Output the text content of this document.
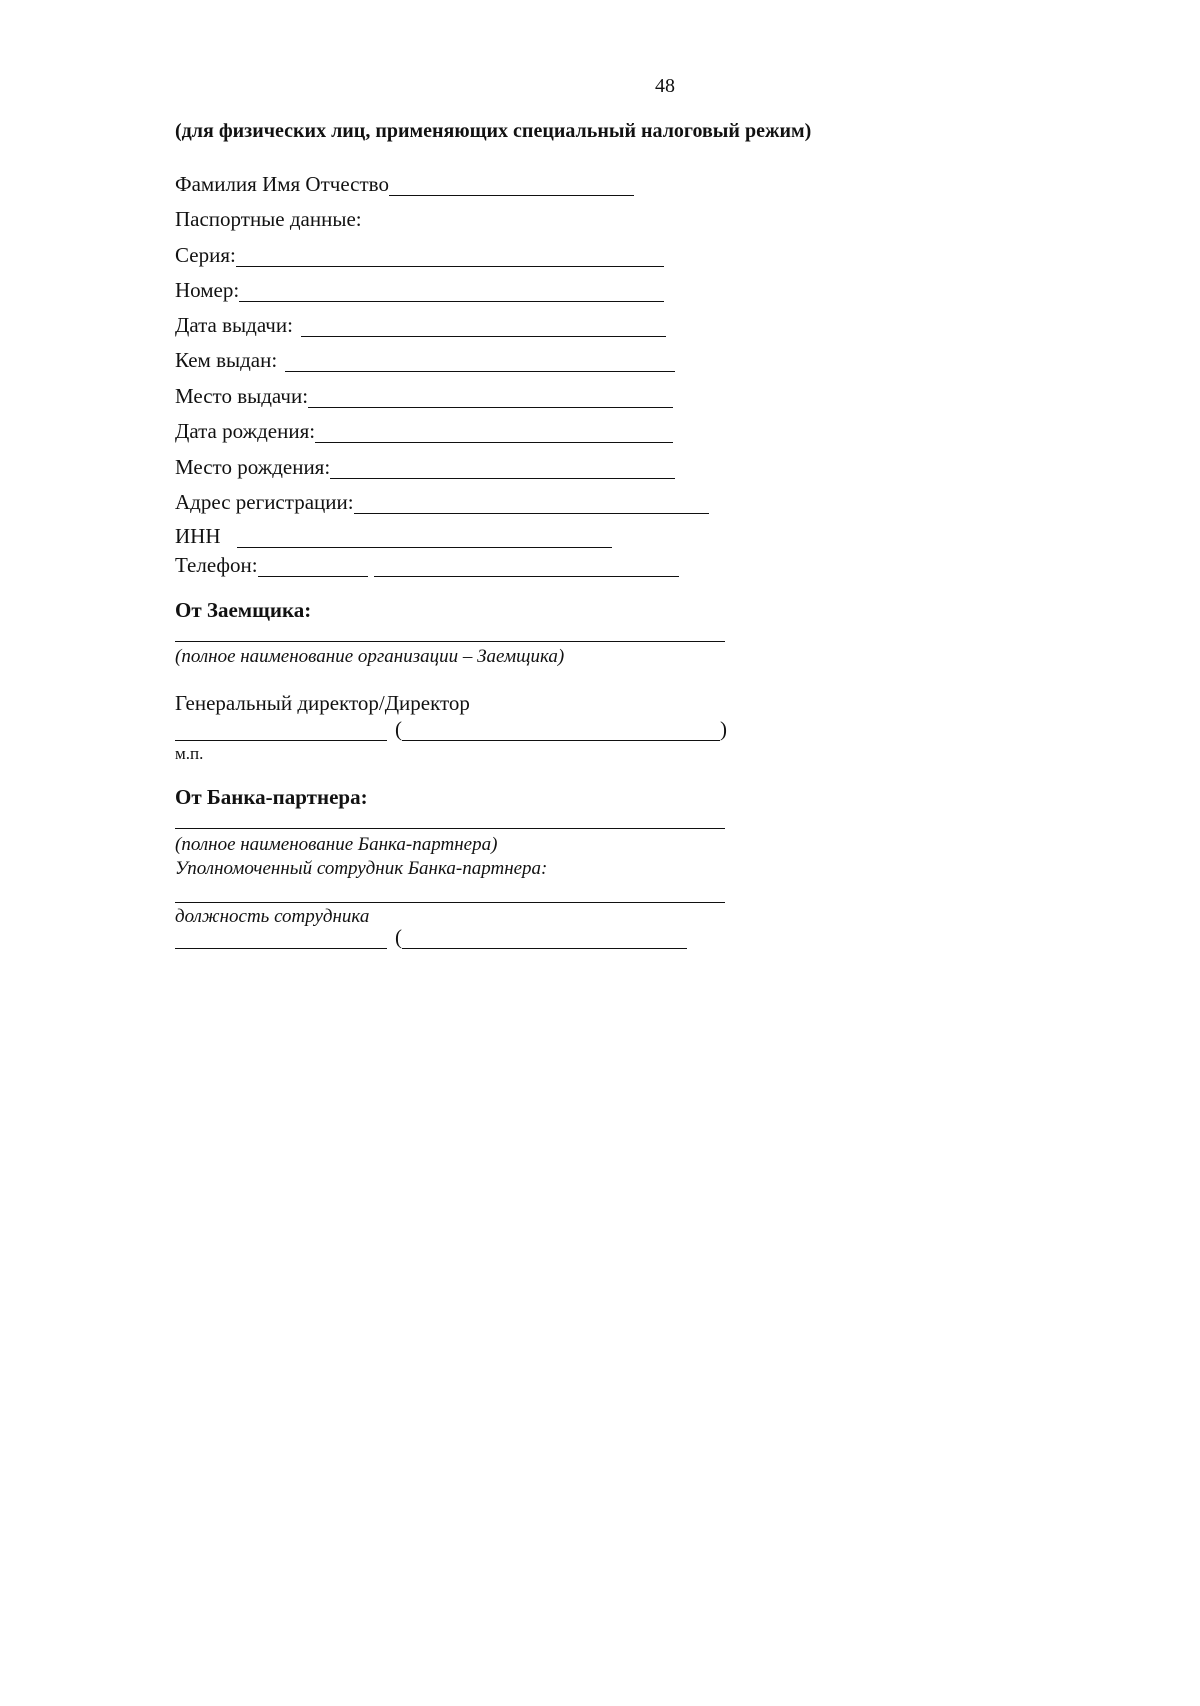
48
(для физических лиц, применяющих специальный налоговый режим)
Фамилия Имя Отчество
Паспортные данные:
Серия:
Номер:
Дата выдачи:
Кем выдан:
Место выдачи:
Дата рождения:
Место рождения:
Адрес регистрации:
ИНН
Телефон:
От Заемщика:
(полное наименование организации – Заемщика)
Генеральный директор/Директор
(	)
м.п.
От Банка-партнера:
(полное наименование Банка-партнера)
Уполномоченный сотрудник Банка-партнера:
должность сотрудника
(
